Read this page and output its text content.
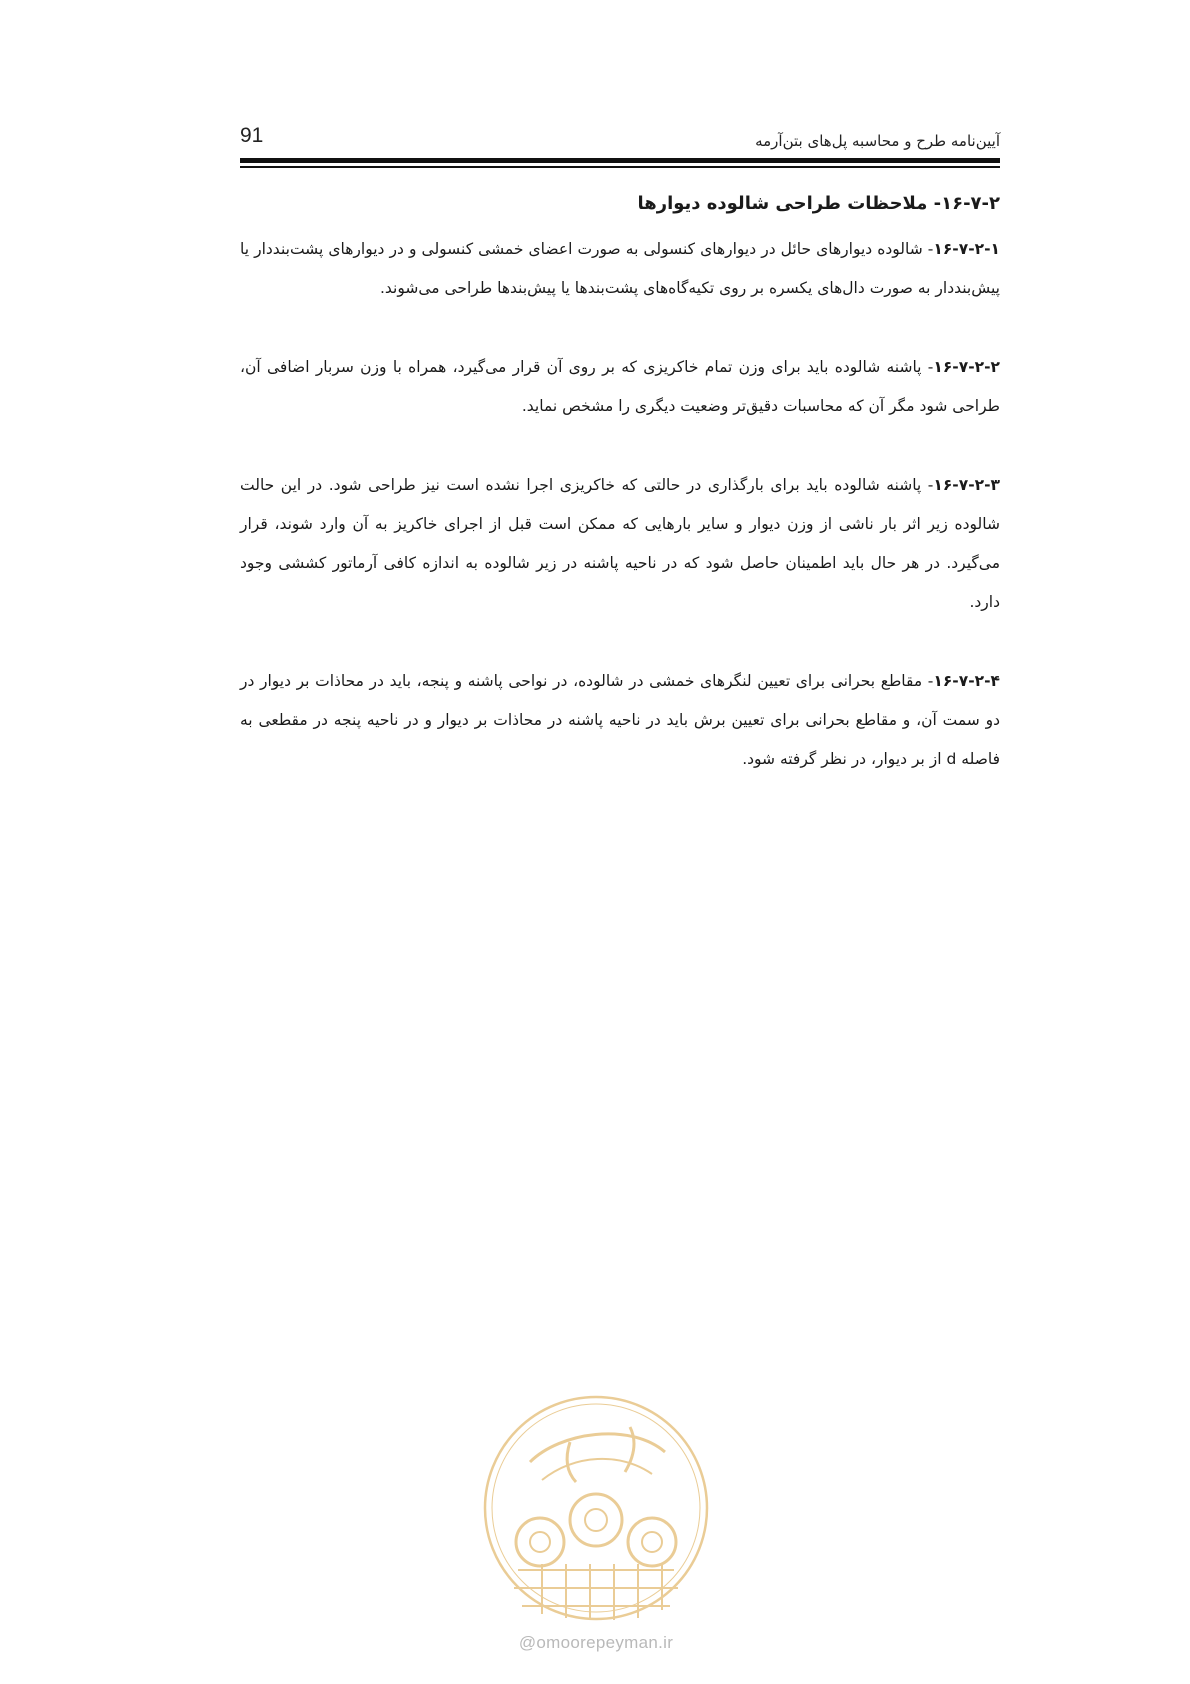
91	آیین‌نامه طرح و محاسبه پل‌های بتن‌آرمه
۱۶-۷-۲- ملاحظات طراحی شالوده دیوارها

۱۶-۷-۲-۱- شالوده دیوارهای حائل در دیوارهای کنسولی به صورت اعضای خمشی کنسولی و در دیوارهای پشت‌بنددار یا پیش‌بنددار به صورت دال‌های یکسره بر روی تکیه‌گاه‌های پشت‌بندها یا پیش‌بندها طراحی می‌شوند.

۱۶-۷-۲-۲- پاشنه شالوده باید برای وزن تمام خاکریزی که بر روی آن قرار می‌گیرد، همراه با وزن سربار اضافی آن، طراحی شود مگر آن که محاسبات دقیق‌تر وضعیت دیگری را مشخص نماید.

۱۶-۷-۲-۳- پاشنه شالوده باید برای بارگذاری در حالتی که خاکریزی اجرا نشده است نیز طراحی شود. در این حالت شالوده زیر اثر بار ناشی از وزن دیوار و سایر بارهایی که ممکن است قبل از اجرای خاکریز به آن وارد شوند، قرار می‌گیرد. در هر حال باید اطمینان حاصل شود که در ناحیه پاشنه در زیر شالوده به اندازه کافی آرماتور کششی وجود دارد.

۱۶-۷-۲-۴- مقاطع بحرانی برای تعیین لنگرهای خمشی در شالوده، در نواحی پاشنه و پنجه، باید در محاذات بر دیوار در دو سمت آن، و مقاطع بحرانی برای تعیین برش باید در ناحیه پاشنه در محاذات بر دیوار و در ناحیه پنجه در مقطعی به فاصله d از بر دیوار، در نظر گرفته شود.

@omoorepeyman.ir
